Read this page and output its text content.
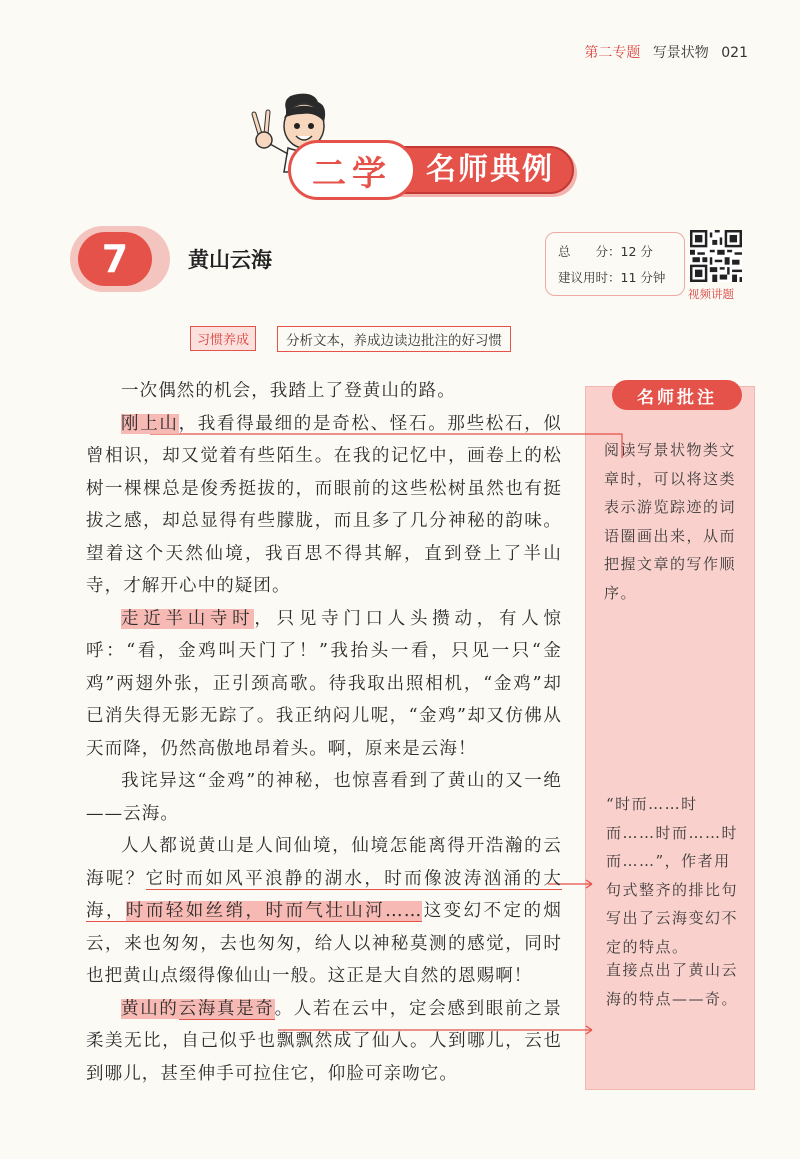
第二专题 写景状物 021
二学	名师典例
7	黄山云海	总　　分：12 分
建议用时：11 分钟
视频讲题
习惯养成	分析文本，养成边读边批注的好习惯
名师批注
阅读写景状物类文章时，可以将这类表示游览踪迹的词语圈画出来，从而把握文章的写作顺序。
“时而……时而……时而……时而……”，作者用句式整齐的排比句写出了云海变幻不定的特点。
直接点出了黄山云海的特点——奇。

一次偶然的机会，我踏上了登黄山的路。

刚上山，我看得最细的是奇松、怪石。那些松石，似曾相识，却又觉着有些陌生。在我的记忆中，画卷上的松树一棵棵总是俊秀挺拔的，而眼前的这些松树虽然也有挺拔之感，却总显得有些朦胧，而且多了几分神秘的韵味。望着这个天然仙境，我百思不得其解，直到登上了半山寺，才解开心中的疑团。

走近半山寺时，只见寺门口人头攒动，有人惊呼：“看，金鸡叫天门了！”我抬头一看，只见一只“金鸡”两翅外张，正引颈高歌。待我取出照相机，“金鸡”却已消失得无影无踪了。我正纳闷儿呢，“金鸡”却又仿佛从天而降，仍然高傲地昂着头。啊，原来是云海！

我诧异这“金鸡”的神秘，也惊喜看到了黄山的又一绝——云海。

人人都说黄山是人间仙境，仙境怎能离得开浩瀚的云海呢？它时而如风平浪静的湖水，时而像波涛汹涌的大海，时而轻如丝绡，时而气壮山河……这变幻不定的烟云，来也匆匆，去也匆匆，给人以神秘莫测的感觉，同时也把黄山点缀得像仙山一般。这正是大自然的恩赐啊！

黄山的云海真是奇。人若在云中，定会感到眼前之景柔美无比，自己似乎也飘飘然成了仙人。人到哪儿，云也到哪儿，甚至伸手可拉住它，仰脸可亲吻它。
